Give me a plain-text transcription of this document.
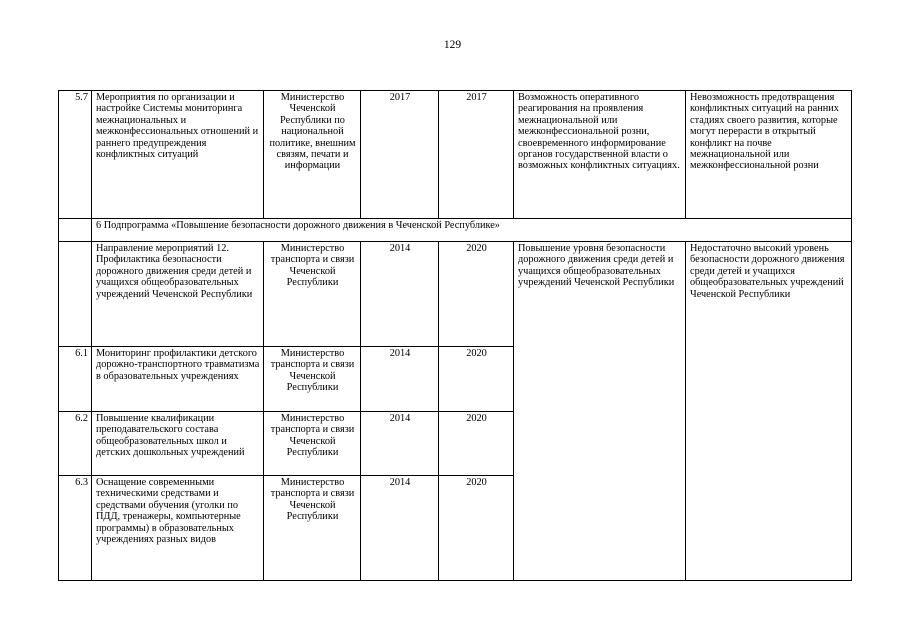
129
5.7	Мероприятия по организации и настройке Системы мониторинга межнациональных и межконфессиональных отношений и раннего предупреждения конфликтных ситуаций	Министерство Чеченской Республики по национальной политике, внешним связям, печати и информации	2017	2017	Возможность оперативного реагирования на проявления межнациональной или межконфессиональной розни, своевременного информирование органов государственной власти о возможных конфликтных ситуациях.	Невозможность предотвращения конфликтных ситуаций на ранних стадиях своего развития, которые могут перерасти в открытый конфликт на почве межнациональной или межконфессиональной розни
	6 Подпрограмма «Повышение безопасности дорожного движения в Чеченской Республике»					
	Направление мероприятий 12. Профилактика безопасности дорожного движения среди детей и учащихся общеобразовательных учреждений Чеченской Республики	Министерство транспорта и связи Чеченской Республики	2014	2020	Повышение уровня безопасности дорожного движения среди детей и учащихся общеобразовательных учреждений Чеченской Республики	Недостаточно высокий уровень безопасности дорожного движения среди детей и учащихся общеобразовательных учреждений Чеченской Республики
6.1	Мониторинг профилактики детского дорожно-транспортного травматизма в образовательных учреждениях	Министерство транспорта и связи Чеченской Республики	2014	2020		
6.2	Повышение квалификации преподавательского состава общеобразовательных школ и детских дошкольных учреждений	Министерство транспорта и связи Чеченской Республики	2014	2020		
6.3	Оснащение современными техническими средствами и средствами обучения (уголки по ПДД, тренажеры, компьютерные программы) в образовательных учреждениях разных видов	Министерство транспорта и связи Чеченской Республики	2014	2020		
